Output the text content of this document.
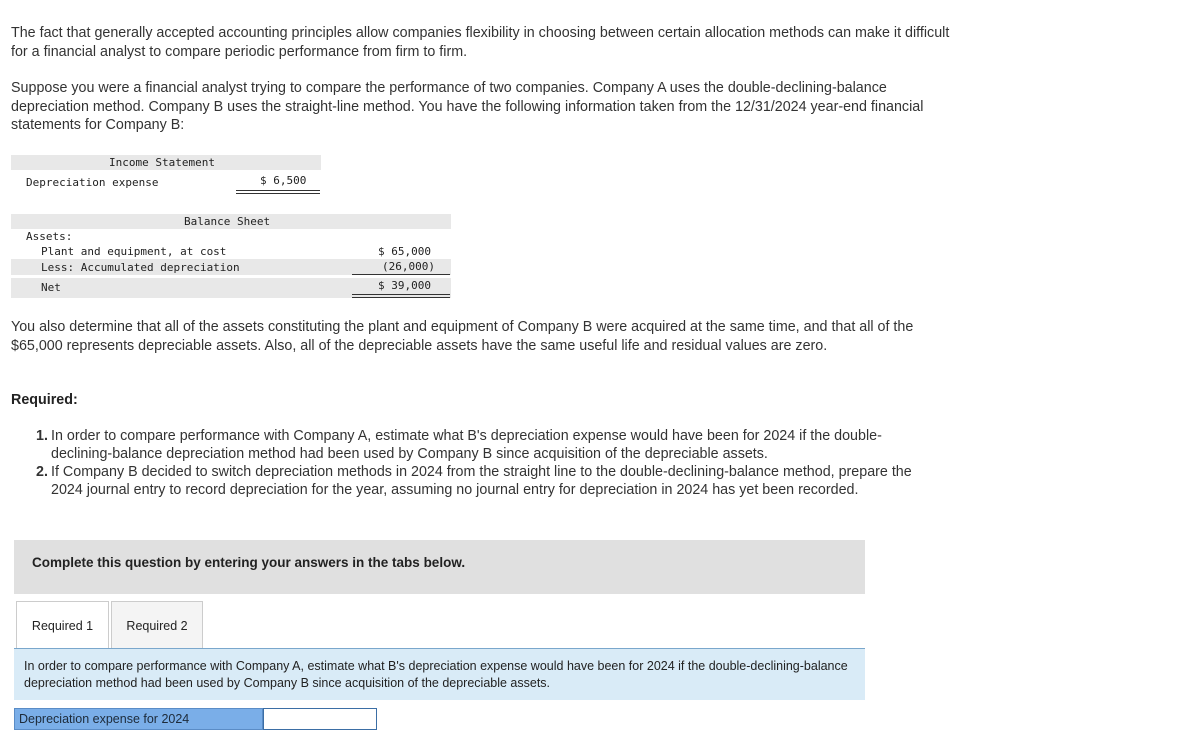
The fact that generally accepted accounting principles allow companies flexibility in choosing between certain allocation methods can make it difficult for a financial analyst to compare periodic performance from firm to firm.

Suppose you were a financial analyst trying to compare the performance of two companies. Company A uses the double-declining-balance depreciation method. Company B uses the straight-line method. You have the following information taken from the 12/31/2024 year-end financial statements for Company B:

Income Statement
Depreciation expense	$ 6,500
Balance Sheet
Assets:
Plant and equipment, at cost	$ 65,000
Less: Accumulated depreciation	(26,000)
Net	$ 39,000

You also determine that all of the assets constituting the plant and equipment of Company B were acquired at the same time, and that all of the $65,000 represents depreciable assets. Also, all of the depreciable assets have the same useful life and residual values are zero.

Required:
1. In order to compare performance with Company A, estimate what B's depreciation expense would have been for 2024 if the double-declining-balance depreciation method had been used by Company B since acquisition of the depreciable assets.
2. If Company B decided to switch depreciation methods in 2024 from the straight line to the double-declining-balance method, prepare the 2024 journal entry to record depreciation for the year, assuming no journal entry for depreciation in 2024 has yet been recorded.
Complete this question by entering your answers in the tabs below.
Required 1	Required 2
In order to compare performance with Company A, estimate what B's depreciation expense would have been for 2024 if the double-declining-balance depreciation method had been used by Company B since acquisition of the depreciable assets.
Depreciation expense for 2024
